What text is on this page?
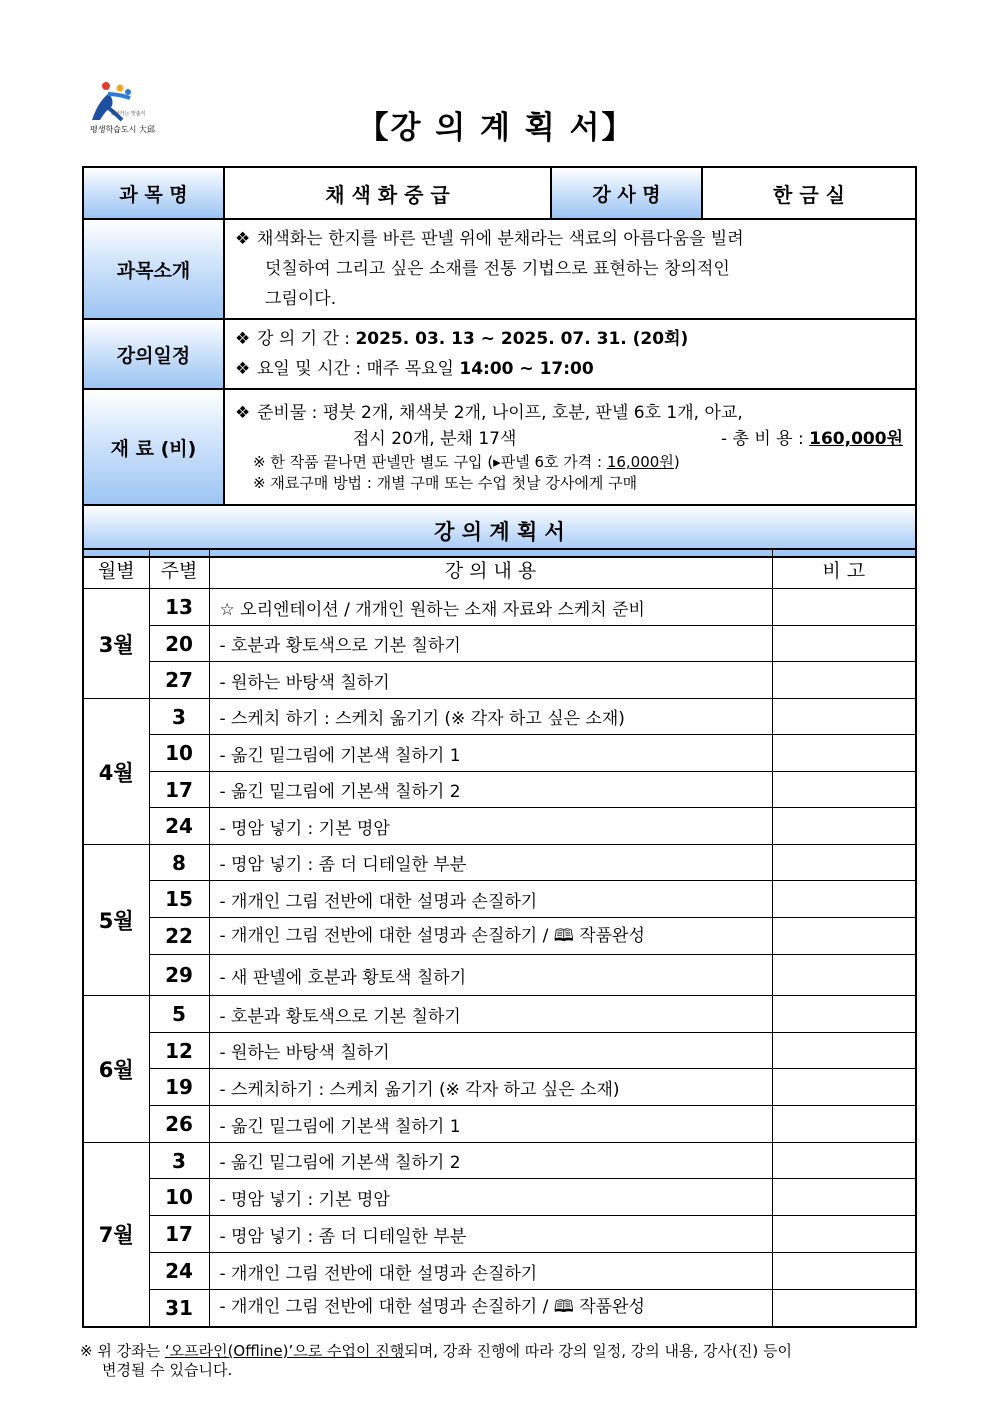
찾아가는 맞춤식
평생학습도시 大邱	【강 의 계 획 서】
과 목 명	채 색 화 중 급	강 사 명	한 금 실
과목소개	❖ 채색화는 한지를 바른 판넬 위에 분채라는 색료의 아름다움을 빌려
덧칠하여 그리고 싶은 소재를 전통 기법으로 표현하는 창의적인
그림이다.		

강의일정	❖ 강 의 기 간 : 2025. 03. 13 ~ 2025. 07. 31. (20회)
❖ 요일 및 시간 : 매주 목요일 14:00 ~ 17:00		

재 료 (비)	❖ 준비물 : 평붓 2개, 채색붓 2개, 나이프, 호분, 판넬 6호 1개, 아교,
접시 20개, 분채 17색 - 총 비 용 : 160,000원
※ 한 작품 끝나면 판넬만 별도 구입 (▸판넬 6호 가격 : 16,000원)
※ 재료구매 방법 : 개별 구매 또는 수업 첫날 강사에게 구매		

강 의 계 획 서			
월별	주별	강 의 내 용	비 고
3월	13	☆ 오리엔테이션 / 개개인 원하는 소재 자료와 스케치 준비	
	20	- 호분과 황토색으로 기본 칠하기	
	27	- 원하는 바탕색 칠하기	
4월	3	- 스케치 하기 : 스케치 옮기기 (※ 각자 하고 싶은 소재)	
	10	- 옮긴 밑그림에 기본색 칠하기 1	
	17	- 옮긴 밑그림에 기본색 칠하기 2	
	24	- 명암 넣기 : 기본 명암	
5월	8	- 명암 넣기 : 좀 더 디테일한 부분	
	15	- 개개인 그림 전반에 대한 설명과 손질하기	
	22	- 개개인 그림 전반에 대한 설명과 손질하기 / 🕮 작품완성	
	29	- 새 판넬에 호분과 황토색 칠하기	
6월	5	- 호분과 황토색으로 기본 칠하기	
	12	- 원하는 바탕색 칠하기	
	19	- 스케치하기 : 스케치 옮기기 (※ 각자 하고 싶은 소재)	
	26	- 옮긴 밑그림에 기본색 칠하기 1	
7월	3	- 옮긴 밑그림에 기본색 칠하기 2	
	10	- 명암 넣기 : 기본 명암	
	17	- 명암 넣기 : 좀 더 디테일한 부분	
	24	- 개개인 그림 전반에 대한 설명과 손질하기	
	31	- 개개인 그림 전반에 대한 설명과 손질하기 / 🕮 작품완성	
※ 위 강좌는 ‘오프라인(Offline)’으로 수업이 진행되며, 강좌 진행에 따라 강의 일정, 강의 내용, 강사(진) 등이
변경될 수 있습니다.
